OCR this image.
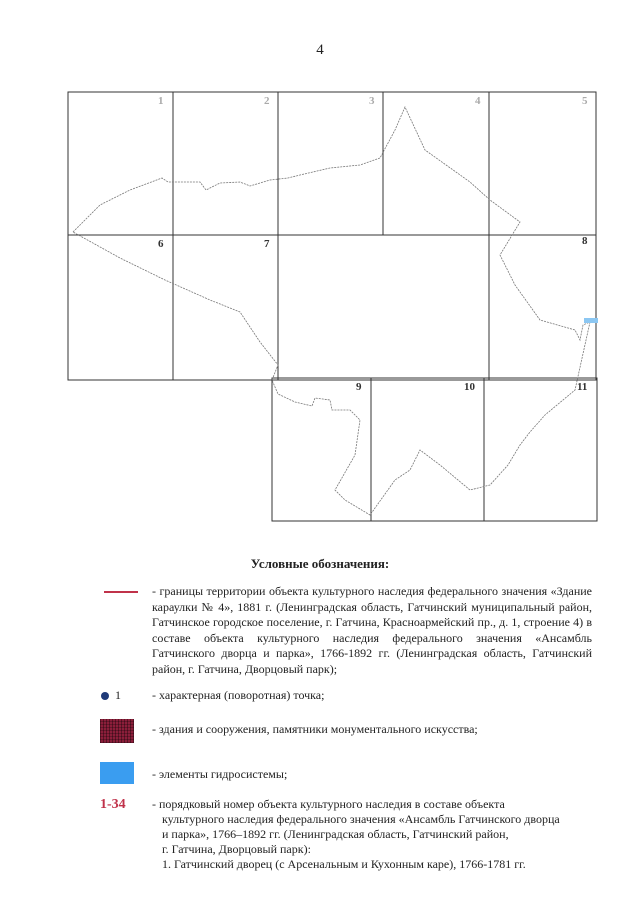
4
1	2	3	4	5
6	7	8
9	10	11
Условные обозначения:
- границы территории объекта культурного наследия федерального значения «Здание караулки № 4», 1881 г. (Ленинградская область, Гатчинский муниципальный район, Гатчинское городское поселение, г. Гатчина, Красноармейский пр., д. 1, строение 4) в составе объекта культурного наследия федерального значения «Ансамбль Гатчинского дворца и парка», 1766-1892 гг. (Ленинградская область, Гатчинский район, г. Гатчина, Дворцовый парк);
1	- характерная (поворотная) точка;
- здания и сооружения, памятники монументального искусства;
- элементы гидросистемы;
1-34 - порядковый номер объекта культурного наследия в составе объекта
культурного наследия федерального значения «Ансамбль Гатчинского дворца
и парка», 1766–1892 гг. (Ленинградская область, Гатчинский район,
г. Гатчина, Дворцовый парк):
1. Гатчинский дворец (с Арсенальным и Кухонным каре), 1766-1781 гг.
